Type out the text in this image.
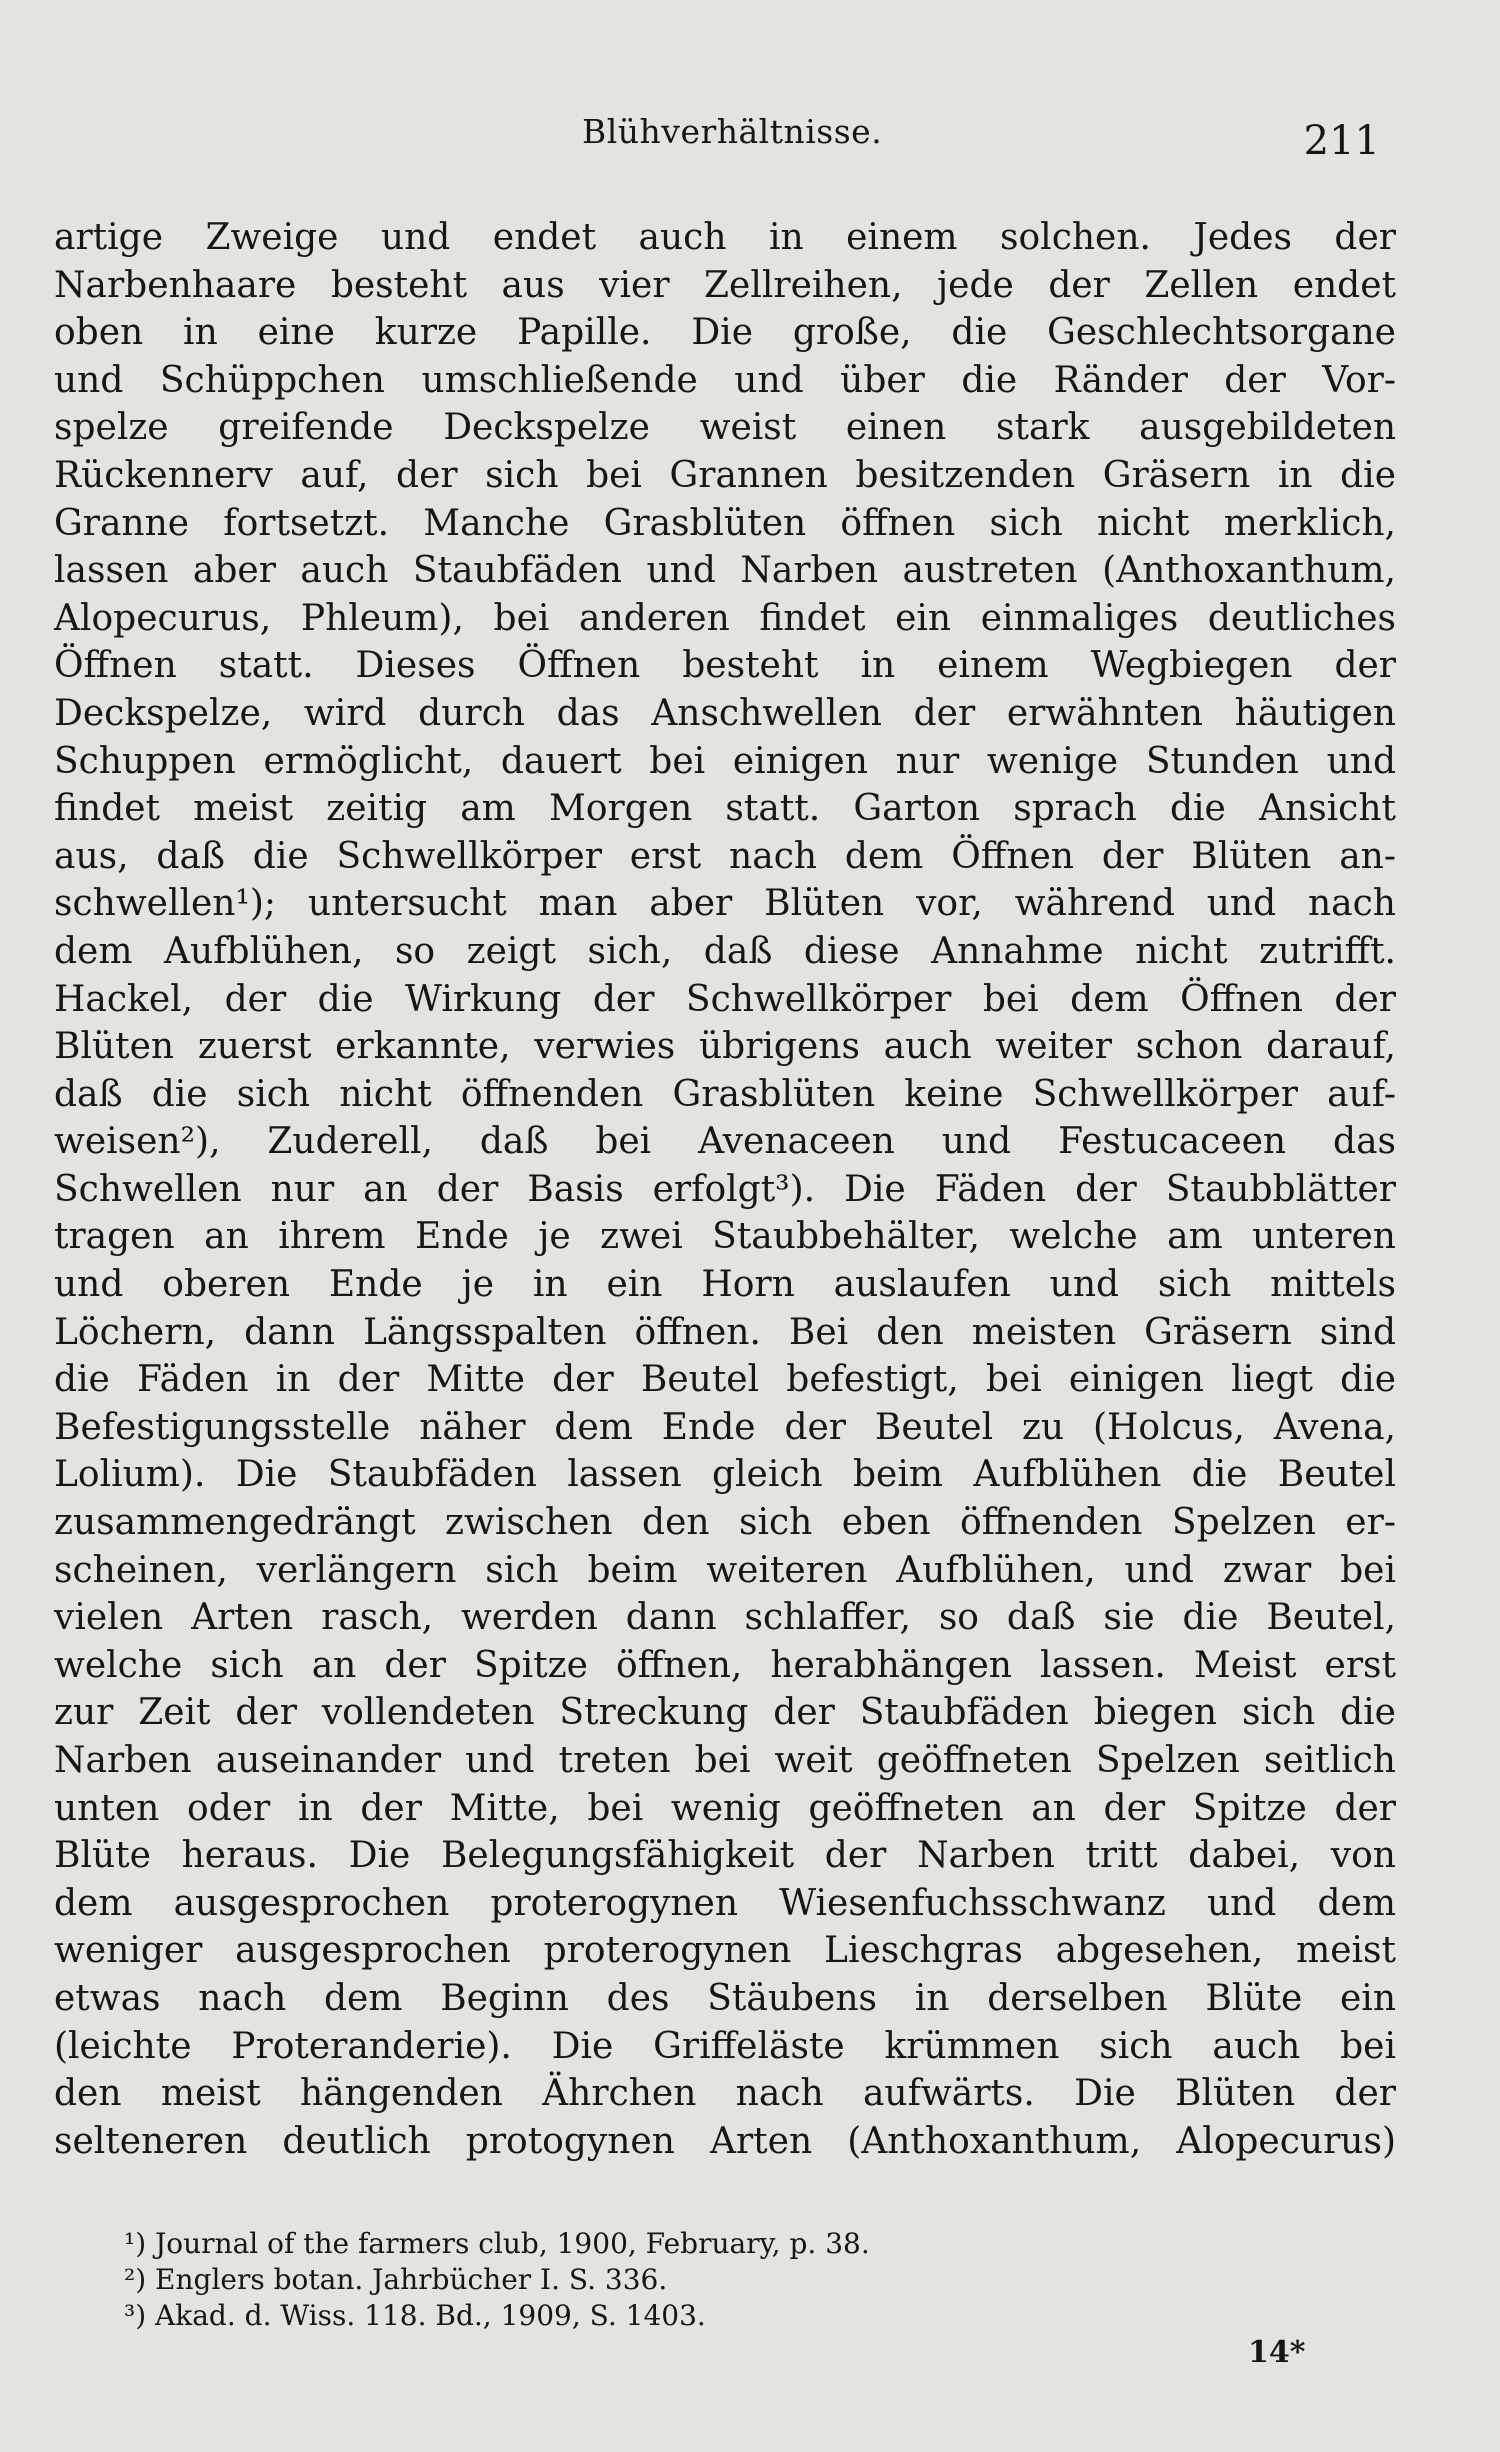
Blühverhältnisse.	211
artige Zweige und endet auch in einem solchen. Jedes der
Narbenhaare besteht aus vier Zellreihen, jede der Zellen endet
oben in eine kurze Papille. Die große, die Geschlechtsorgane
und Schüppchen umschließende und über die Ränder der Vor-
spelze greifende Deckspelze weist einen stark ausgebildeten
Rückennerv auf, der sich bei Grannen besitzenden Gräsern in die
Granne fortsetzt. Manche Grasblüten öffnen sich nicht merklich,
lassen aber auch Staubfäden und Narben austreten (Anthoxanthum,
Alopecurus, Phleum), bei anderen findet ein einmaliges deutliches
Öffnen statt. Dieses Öffnen besteht in einem Wegbiegen der
Deckspelze, wird durch das Anschwellen der erwähnten häutigen
Schuppen ermöglicht, dauert bei einigen nur wenige Stunden und
findet meist zeitig am Morgen statt. Garton sprach die Ansicht
aus, daß die Schwellkörper erst nach dem Öffnen der Blüten an-
schwellen¹); untersucht man aber Blüten vor, während und nach
dem Aufblühen, so zeigt sich, daß diese Annahme nicht zutrifft.
Hackel, der die Wirkung der Schwellkörper bei dem Öffnen der
Blüten zuerst erkannte, verwies übrigens auch weiter schon darauf,
daß die sich nicht öffnenden Grasblüten keine Schwellkörper auf-
weisen²), Zuderell, daß bei Avenaceen und Festucaceen das
Schwellen nur an der Basis erfolgt³). Die Fäden der Staubblätter
tragen an ihrem Ende je zwei Staubbehälter, welche am unteren
und oberen Ende je in ein Horn auslaufen und sich mittels
Löchern, dann Längsspalten öffnen. Bei den meisten Gräsern sind
die Fäden in der Mitte der Beutel befestigt, bei einigen liegt die
Befestigungsstelle näher dem Ende der Beutel zu (Holcus, Avena,
Lolium). Die Staubfäden lassen gleich beim Aufblühen die Beutel
zusammengedrängt zwischen den sich eben öffnenden Spelzen er-
scheinen, verlängern sich beim weiteren Aufblühen, und zwar bei
vielen Arten rasch, werden dann schlaffer, so daß sie die Beutel,
welche sich an der Spitze öffnen, herabhängen lassen. Meist erst
zur Zeit der vollendeten Streckung der Staubfäden biegen sich die
Narben auseinander und treten bei weit geöffneten Spelzen seitlich
unten oder in der Mitte, bei wenig geöffneten an der Spitze der
Blüte heraus. Die Belegungsfähigkeit der Narben tritt dabei, von
dem ausgesprochen proterogynen Wiesenfuchsschwanz und dem
weniger ausgesprochen proterogynen Lieschgras abgesehen, meist
etwas nach dem Beginn des Stäubens in derselben Blüte ein
(leichte Proteranderie). Die Griffeläste krümmen sich auch bei
den meist hängenden Ährchen nach aufwärts. Die Blüten der
selteneren deutlich protogynen Arten (Anthoxanthum, Alopecurus)
¹) Journal of the farmers club, 1900, February, p. 38.
²) Englers botan. Jahrbücher I. S. 336.
³) Akad. d. Wiss. 118. Bd., 1909, S. 1403.
14*
